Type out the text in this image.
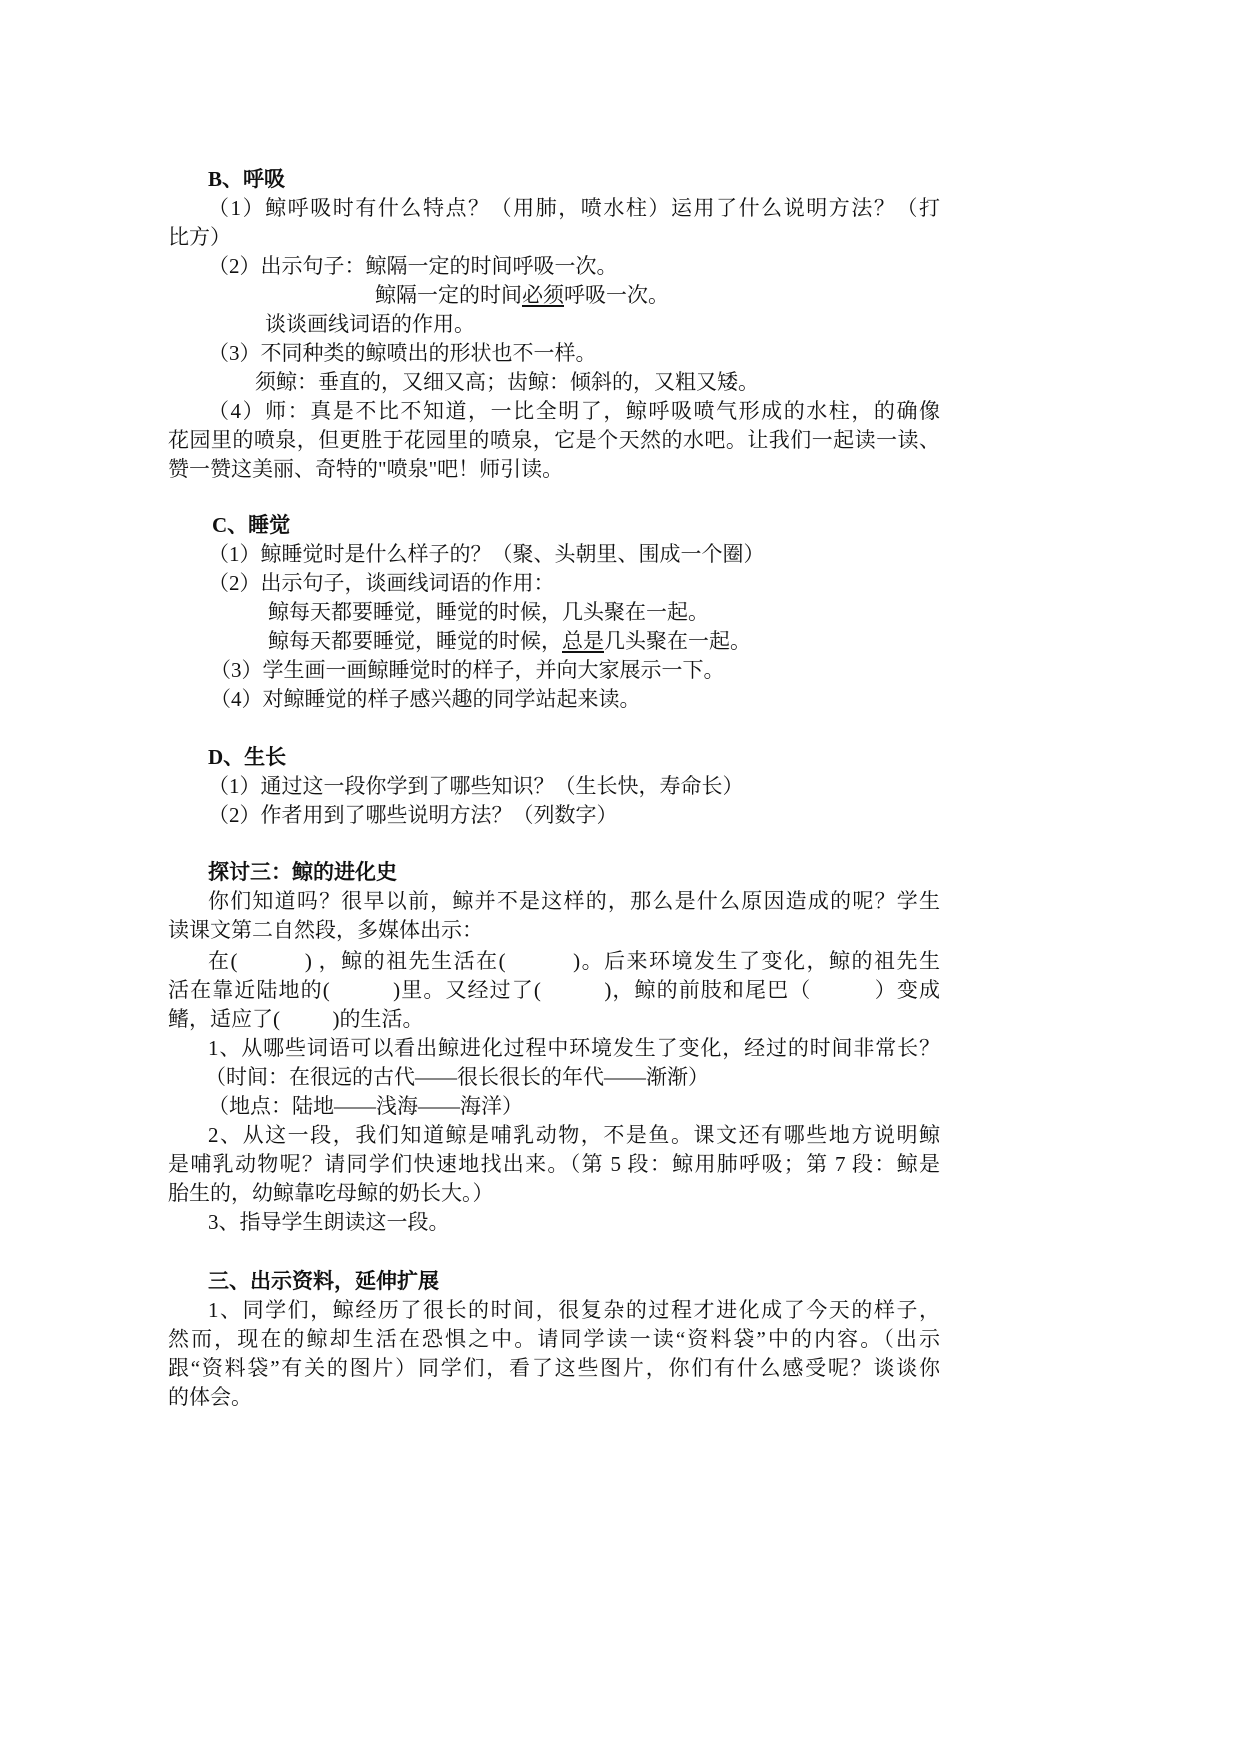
B、呼吸
（1）鲸呼吸时有什么特点？（用肺，喷水柱）运用了什么说明方法？（打
比方）
（2）出示句子：鲸隔一定的时间呼吸一次。
鲸隔一定的时间必须呼吸一次。
谈谈画线词语的作用。
（3）不同种类的鲸喷出的形状也不一样。
须鲸：垂直的，又细又高；齿鲸：倾斜的，又粗又矮。
（4）师：真是不比不知道，一比全明了，鲸呼吸喷气形成的水柱，的确像
花园里的喷泉，但更胜于花园里的喷泉，它是个天然的水吧。让我们一起读一读、
赞一赞这美丽、奇特的"喷泉"吧！师引读。
C、睡觉
（1）鲸睡觉时是什么样子的？（聚、头朝里、围成一个圈）
（2）出示句子，谈画线词语的作用：
鲸每天都要睡觉，睡觉的时候，几头聚在一起。
鲸每天都要睡觉，睡觉的时候，总是几头聚在一起。
（3）学生画一画鲸睡觉时的样子，并向大家展示一下。
（4）对鲸睡觉的样子感兴趣的同学站起来读。
D、生长
（1）通过这一段你学到了哪些知识？（生长快，寿命长）
（2）作者用到了哪些说明方法？（列数字）
探讨三：鲸的进化史
你们知道吗？很早以前，鲸并不是这样的，那么是什么原因造成的呢？学生
读课文第二自然段，多媒体出示：
在(          ) ，鲸的祖先生活在(          )。后来环境发生了变化，鲸的祖先生
活在靠近陆地的(          )里。又经过了(          )，鲸的前肢和尾巴（          ）变成
鳍，适应了(          )的生活。
1、从哪些词语可以看出鲸进化过程中环境发生了变化，经过的时间非常长？
（时间：在很远的古代——很长很长的年代——渐渐）
（地点：陆地——浅海——海洋）
2、从这一段，我们知道鲸是哺乳动物，不是鱼。课文还有哪些地方说明鲸
是哺乳动物呢？请同学们快速地找出来。（第 5 段：鲸用肺呼吸；第 7 段：鲸是
胎生的，幼鲸靠吃母鲸的奶长大。）
3、指导学生朗读这一段。
三、出示资料，延伸扩展
1、同学们，鲸经历了很长的时间，很复杂的过程才进化成了今天的样子，
然而，现在的鲸却生活在恐惧之中。请同学读一读“资料袋”中的内容。（出示
跟“资料袋”有关的图片）同学们，看了这些图片，你们有什么感受呢？谈谈你
的体会。
